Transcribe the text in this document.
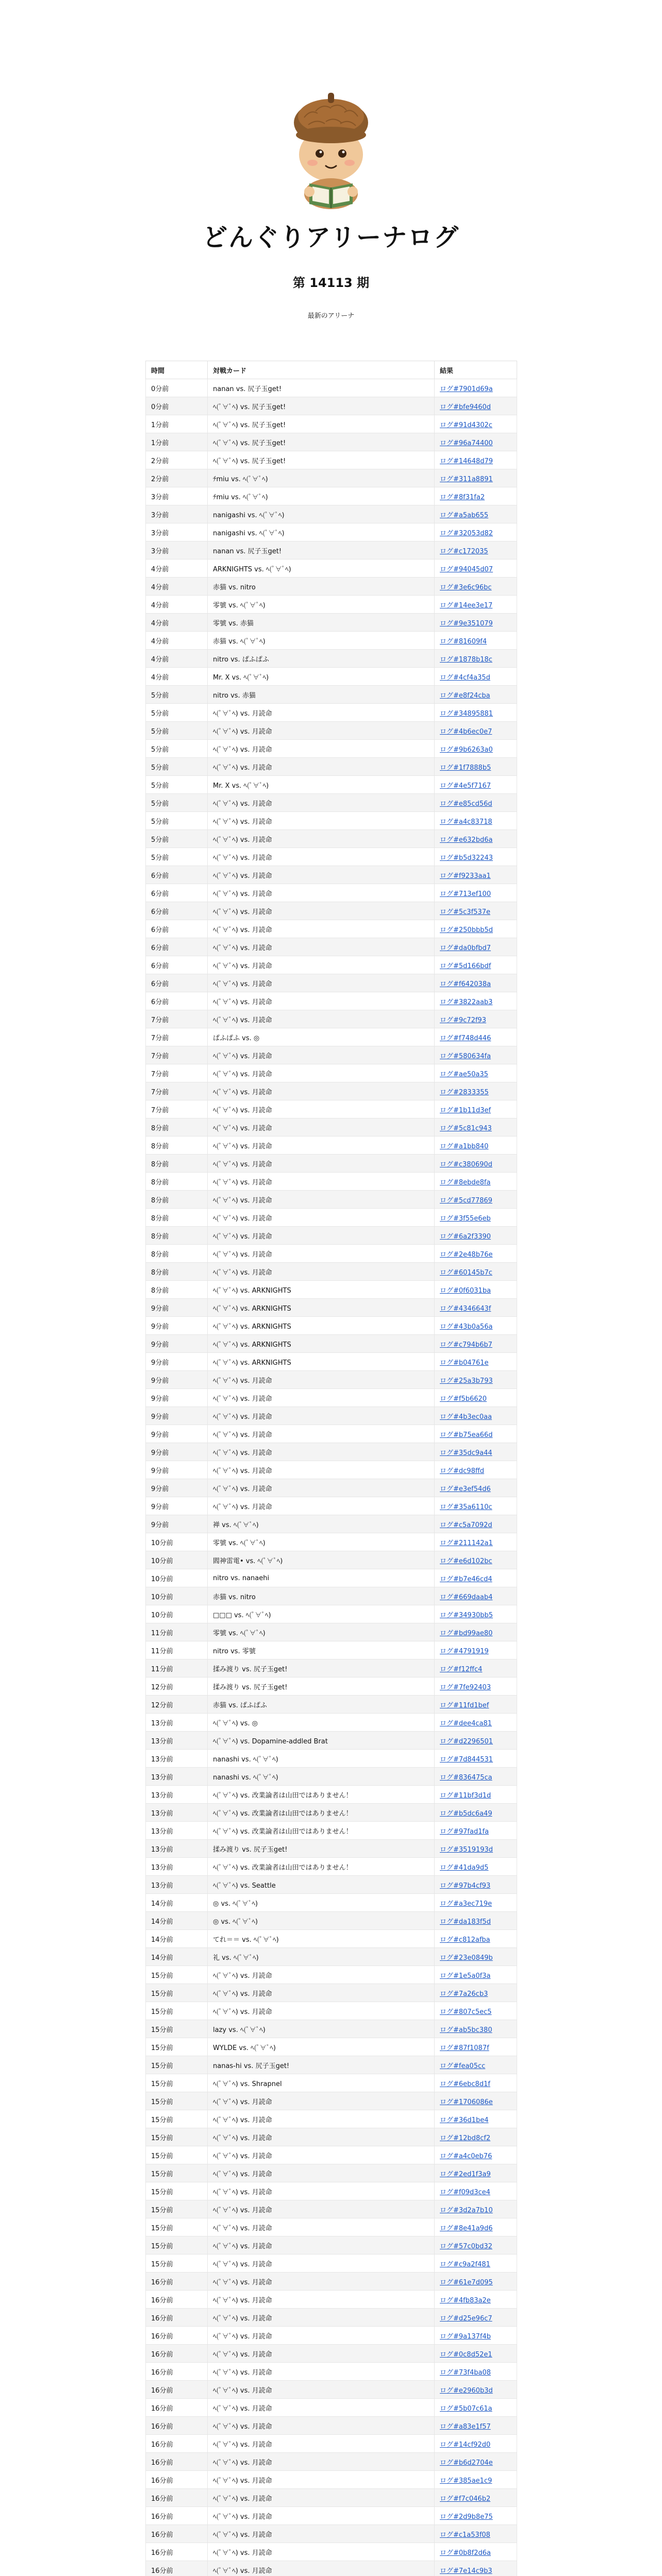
どんぐりアリーナログ
第 14113 期
最新のアリーナ
時間	対戦カード	結果
0分前	nanan vs. 尻子玉get!	ログ#7901d69a
0分前	ﾍ(ﾟ∀ﾟﾍ) vs. 尻子玉get!	ログ#bfe9460d
1分前	ﾍ(ﾟ∀ﾟﾍ) vs. 尻子玉get!	ログ#91d4302c
1分前	ﾍ(ﾟ∀ﾟﾍ) vs. 尻子玉get!	ログ#96a74400
2分前	ﾍ(ﾟ∀ﾟﾍ) vs. 尻子玉get!	ログ#14648d79
2分前	ﾁmiu vs. ﾍ(ﾟ∀ﾟﾍ)	ログ#311a8891
3分前	ﾁmiu vs. ﾍ(ﾟ∀ﾟﾍ)	ログ#8f31fa2
3分前	nanigashi vs. ﾍ(ﾟ∀ﾟﾍ)	ログ#a5ab655
3分前	nanigashi vs. ﾍ(ﾟ∀ﾟﾍ)	ログ#32053d82
3分前	nanan vs. 尻子玉get!	ログ#c172035
4分前	ARKNIGHTS vs. ﾍ(ﾟ∀ﾟﾍ)	ログ#94045d07
4分前	赤猫 vs. nitro	ログ#3e6c96bc
4分前	零號 vs. ﾍ(ﾟ∀ﾟﾍ)	ログ#14ee3e17
4分前	零號 vs. 赤猫	ログ#9e351079
4分前	赤猫 vs. ﾍ(ﾟ∀ﾟﾍ)	ログ#81609f4
4分前	nitro vs. ぱふぱふ	ログ#1878b18c
4分前	Mr. X vs. ﾍ(ﾟ∀ﾟﾍ)	ログ#4cf4a35d
5分前	nitro vs. 赤猫	ログ#e8f24cba
5分前	ﾍ(ﾟ∀ﾟﾍ) vs. 月読命	ログ#34895881
5分前	ﾍ(ﾟ∀ﾟﾍ) vs. 月読命	ログ#4b6ec0e7
5分前	ﾍ(ﾟ∀ﾟﾍ) vs. 月読命	ログ#9b6263a0
5分前	ﾍ(ﾟ∀ﾟﾍ) vs. 月読命	ログ#1f7888b5
5分前	Mr. X vs. ﾍ(ﾟ∀ﾟﾍ)	ログ#4e5f7167
5分前	ﾍ(ﾟ∀ﾟﾍ) vs. 月読命	ログ#e85cd56d
5分前	ﾍ(ﾟ∀ﾟﾍ) vs. 月読命	ログ#a4c83718
5分前	ﾍ(ﾟ∀ﾟﾍ) vs. 月読命	ログ#e632bd6a
5分前	ﾍ(ﾟ∀ﾟﾍ) vs. 月読命	ログ#b5d32243
6分前	ﾍ(ﾟ∀ﾟﾍ) vs. 月読命	ログ#f9233aa1
6分前	ﾍ(ﾟ∀ﾟﾍ) vs. 月読命	ログ#713ef100
6分前	ﾍ(ﾟ∀ﾟﾍ) vs. 月読命	ログ#5c3f537e
6分前	ﾍ(ﾟ∀ﾟﾍ) vs. 月読命	ログ#250bbb5d
6分前	ﾍ(ﾟ∀ﾟﾍ) vs. 月読命	ログ#da0bfbd7
6分前	ﾍ(ﾟ∀ﾟﾍ) vs. 月読命	ログ#5d166bdf
6分前	ﾍ(ﾟ∀ﾟﾍ) vs. 月読命	ログ#f642038a
6分前	ﾍ(ﾟ∀ﾟﾍ) vs. 月読命	ログ#3822aab3
7分前	ﾍ(ﾟ∀ﾟﾍ) vs. 月読命	ログ#9c72f93
7分前	ぱふぱふ vs. ◎	ログ#f748d446
7分前	ﾍ(ﾟ∀ﾟﾍ) vs. 月読命	ログ#580634fa
7分前	ﾍ(ﾟ∀ﾟﾍ) vs. 月読命	ログ#ae50a35
7分前	ﾍ(ﾟ∀ﾟﾍ) vs. 月読命	ログ#2833355
7分前	ﾍ(ﾟ∀ﾟﾍ) vs. 月読命	ログ#1b11d3ef
8分前	ﾍ(ﾟ∀ﾟﾍ) vs. 月読命	ログ#5c81c943
8分前	ﾍ(ﾟ∀ﾟﾍ) vs. 月読命	ログ#a1bb840
8分前	ﾍ(ﾟ∀ﾟﾍ) vs. 月読命	ログ#c380690d
8分前	ﾍ(ﾟ∀ﾟﾍ) vs. 月読命	ログ#8ebde8fa
8分前	ﾍ(ﾟ∀ﾟﾍ) vs. 月読命	ログ#5cd77869
8分前	ﾍ(ﾟ∀ﾟﾍ) vs. 月読命	ログ#3f55e6eb
8分前	ﾍ(ﾟ∀ﾟﾍ) vs. 月読命	ログ#6a2f3390
8分前	ﾍ(ﾟ∀ﾟﾍ) vs. 月読命	ログ#2e48b76e
8分前	ﾍ(ﾟ∀ﾟﾍ) vs. 月読命	ログ#60145b7c
8分前	ﾍ(ﾟ∀ﾟﾍ) vs. ARKNIGHTS	ログ#0f6031ba
9分前	ﾍ(ﾟ∀ﾟﾍ) vs. ARKNIGHTS	ログ#4346643f
9分前	ﾍ(ﾟ∀ﾟﾍ) vs. ARKNIGHTS	ログ#43b0a56a
9分前	ﾍ(ﾟ∀ﾟﾍ) vs. ARKNIGHTS	ログ#c794b6b7
9分前	ﾍ(ﾟ∀ﾟﾍ) vs. ARKNIGHTS	ログ#b04761e
9分前	ﾍ(ﾟ∀ﾟﾍ) vs. 月読命	ログ#25a3b793
9分前	ﾍ(ﾟ∀ﾟﾍ) vs. 月読命	ログ#f5b6620
9分前	ﾍ(ﾟ∀ﾟﾍ) vs. 月読命	ログ#4b3ec0aa
9分前	ﾍ(ﾟ∀ﾟﾍ) vs. 月読命	ログ#b75ea66d
9分前	ﾍ(ﾟ∀ﾟﾍ) vs. 月読命	ログ#35dc9a44
9分前	ﾍ(ﾟ∀ﾟﾍ) vs. 月読命	ログ#dc98ffd
9分前	ﾍ(ﾟ∀ﾟﾍ) vs. 月読命	ログ#e3ef54d6
9分前	ﾍ(ﾟ∀ﾟﾍ) vs. 月読命	ログ#35a6110c
9分前	禅 vs. ﾍ(ﾟ∀ﾟﾍ)	ログ#c5a7092d
10分前	零號 vs. ﾍ(ﾟ∀ﾟﾍ)	ログ#211142a1
10分前	閻神雷電• vs. ﾍ(ﾟ∀ﾟﾍ)	ログ#e6d102bc
10分前	nitro vs. nanaehi	ログ#b7e46cd4
10分前	赤猫 vs. nitro	ログ#669daab4
10分前	□□□ vs. ﾍ(ﾟ∀ﾟﾍ)	ログ#34930bb5
11分前	零號 vs. ﾍ(ﾟ∀ﾟﾍ)	ログ#bd99ae80
11分前	nitro vs. 零號	ログ#4791919
11分前	揉み渡り vs. 尻子玉get!	ログ#f12ffc4
12分前	揉み渡り vs. 尻子玉get!	ログ#7fe92403
12分前	赤猫 vs. ぱふぱふ	ログ#11fd1bef
13分前	ﾍ(ﾟ∀ﾟﾍ) vs. ◎	ログ#dee4ca81
13分前	ﾍ(ﾟ∀ﾟﾍ) vs. Dopamine-addled Brat	ログ#d2296501
13分前	nanashi vs. ﾍ(ﾟ∀ﾟﾍ)	ログ#7d844531
13分前	nanashi vs. ﾍ(ﾟ∀ﾟﾍ)	ログ#836475ca
13分前	ﾍ(ﾟ∀ﾟﾍ) vs. 改業論者は山田ではありません！	ログ#11bf3d1d
13分前	ﾍ(ﾟ∀ﾟﾍ) vs. 改業論者は山田ではありません！	ログ#b5dc6a49
13分前	ﾍ(ﾟ∀ﾟﾍ) vs. 改業論者は山田ではありません！	ログ#97fad1fa
13分前	揉み渡り vs. 尻子玉get!	ログ#3519193d
13分前	ﾍ(ﾟ∀ﾟﾍ) vs. 改業論者は山田ではありません！	ログ#41da9d5
13分前	ﾍ(ﾟ∀ﾟﾍ) vs. Seattle	ログ#97b4cf93
14分前	◎ vs. ﾍ(ﾟ∀ﾟﾍ)	ログ#a3ec719e
14分前	◎ vs. ﾍ(ﾟ∀ﾟﾍ)	ログ#da183f5d
14分前	てれ＝＝ vs. ﾍ(ﾟ∀ﾟﾍ)	ログ#c812afba
14分前	礼 vs. ﾍ(ﾟ∀ﾟﾍ)	ログ#23e0849b
15分前	ﾍ(ﾟ∀ﾟﾍ) vs. 月読命	ログ#1e5a0f3a
15分前	ﾍ(ﾟ∀ﾟﾍ) vs. 月読命	ログ#7a26cb3
15分前	ﾍ(ﾟ∀ﾟﾍ) vs. 月読命	ログ#807c5ec5
15分前	lazy vs. ﾍ(ﾟ∀ﾟﾍ)	ログ#ab5bc380
15分前	WYLDE vs. ﾍ(ﾟ∀ﾟﾍ)	ログ#87f1087f
15分前	nanas-hi vs. 尻子玉get!	ログ#fea05cc
15分前	ﾍ(ﾟ∀ﾟﾍ) vs. Shrapnel	ログ#6ebc8d1f
15分前	ﾍ(ﾟ∀ﾟﾍ) vs. 月読命	ログ#1706086e
15分前	ﾍ(ﾟ∀ﾟﾍ) vs. 月読命	ログ#36d1be4
15分前	ﾍ(ﾟ∀ﾟﾍ) vs. 月読命	ログ#12bd8cf2
15分前	ﾍ(ﾟ∀ﾟﾍ) vs. 月読命	ログ#a4c0eb76
15分前	ﾍ(ﾟ∀ﾟﾍ) vs. 月読命	ログ#2ed1f3a9
15分前	ﾍ(ﾟ∀ﾟﾍ) vs. 月読命	ログ#f09d3ce4
15分前	ﾍ(ﾟ∀ﾟﾍ) vs. 月読命	ログ#3d2a7b10
15分前	ﾍ(ﾟ∀ﾟﾍ) vs. 月読命	ログ#8e41a9d6
15分前	ﾍ(ﾟ∀ﾟﾍ) vs. 月読命	ログ#57c0bd32
15分前	ﾍ(ﾟ∀ﾟﾍ) vs. 月読命	ログ#c9a2f481
16分前	ﾍ(ﾟ∀ﾟﾍ) vs. 月読命	ログ#61e7d095
16分前	ﾍ(ﾟ∀ﾟﾍ) vs. 月読命	ログ#4fb83a2e
16分前	ﾍ(ﾟ∀ﾟﾍ) vs. 月読命	ログ#d25e96c7
16分前	ﾍ(ﾟ∀ﾟﾍ) vs. 月読命	ログ#9a137f4b
16分前	ﾍ(ﾟ∀ﾟﾍ) vs. 月読命	ログ#0c8d52e1
16分前	ﾍ(ﾟ∀ﾟﾍ) vs. 月読命	ログ#73f4ba08
16分前	ﾍ(ﾟ∀ﾟﾍ) vs. 月読命	ログ#e2960b3d
16分前	ﾍ(ﾟ∀ﾟﾍ) vs. 月読命	ログ#5b07c61a
16分前	ﾍ(ﾟ∀ﾟﾍ) vs. 月読命	ログ#a83e1f57
16分前	ﾍ(ﾟ∀ﾟﾍ) vs. 月読命	ログ#14cf92d0
16分前	ﾍ(ﾟ∀ﾟﾍ) vs. 月読命	ログ#b6d2704e
16分前	ﾍ(ﾟ∀ﾟﾍ) vs. 月読命	ログ#385ae1c9
16分前	ﾍ(ﾟ∀ﾟﾍ) vs. 月読命	ログ#f7c046b2
16分前	ﾍ(ﾟ∀ﾟﾍ) vs. 月読命	ログ#2d9b8e75
16分前	ﾍ(ﾟ∀ﾟﾍ) vs. 月読命	ログ#c1a53f08
16分前	ﾍ(ﾟ∀ﾟﾍ) vs. 月読命	ログ#0b8f2d6a
16分前	ﾍ(ﾟ∀ﾟﾍ) vs. 月読命	ログ#7e14c9b3
